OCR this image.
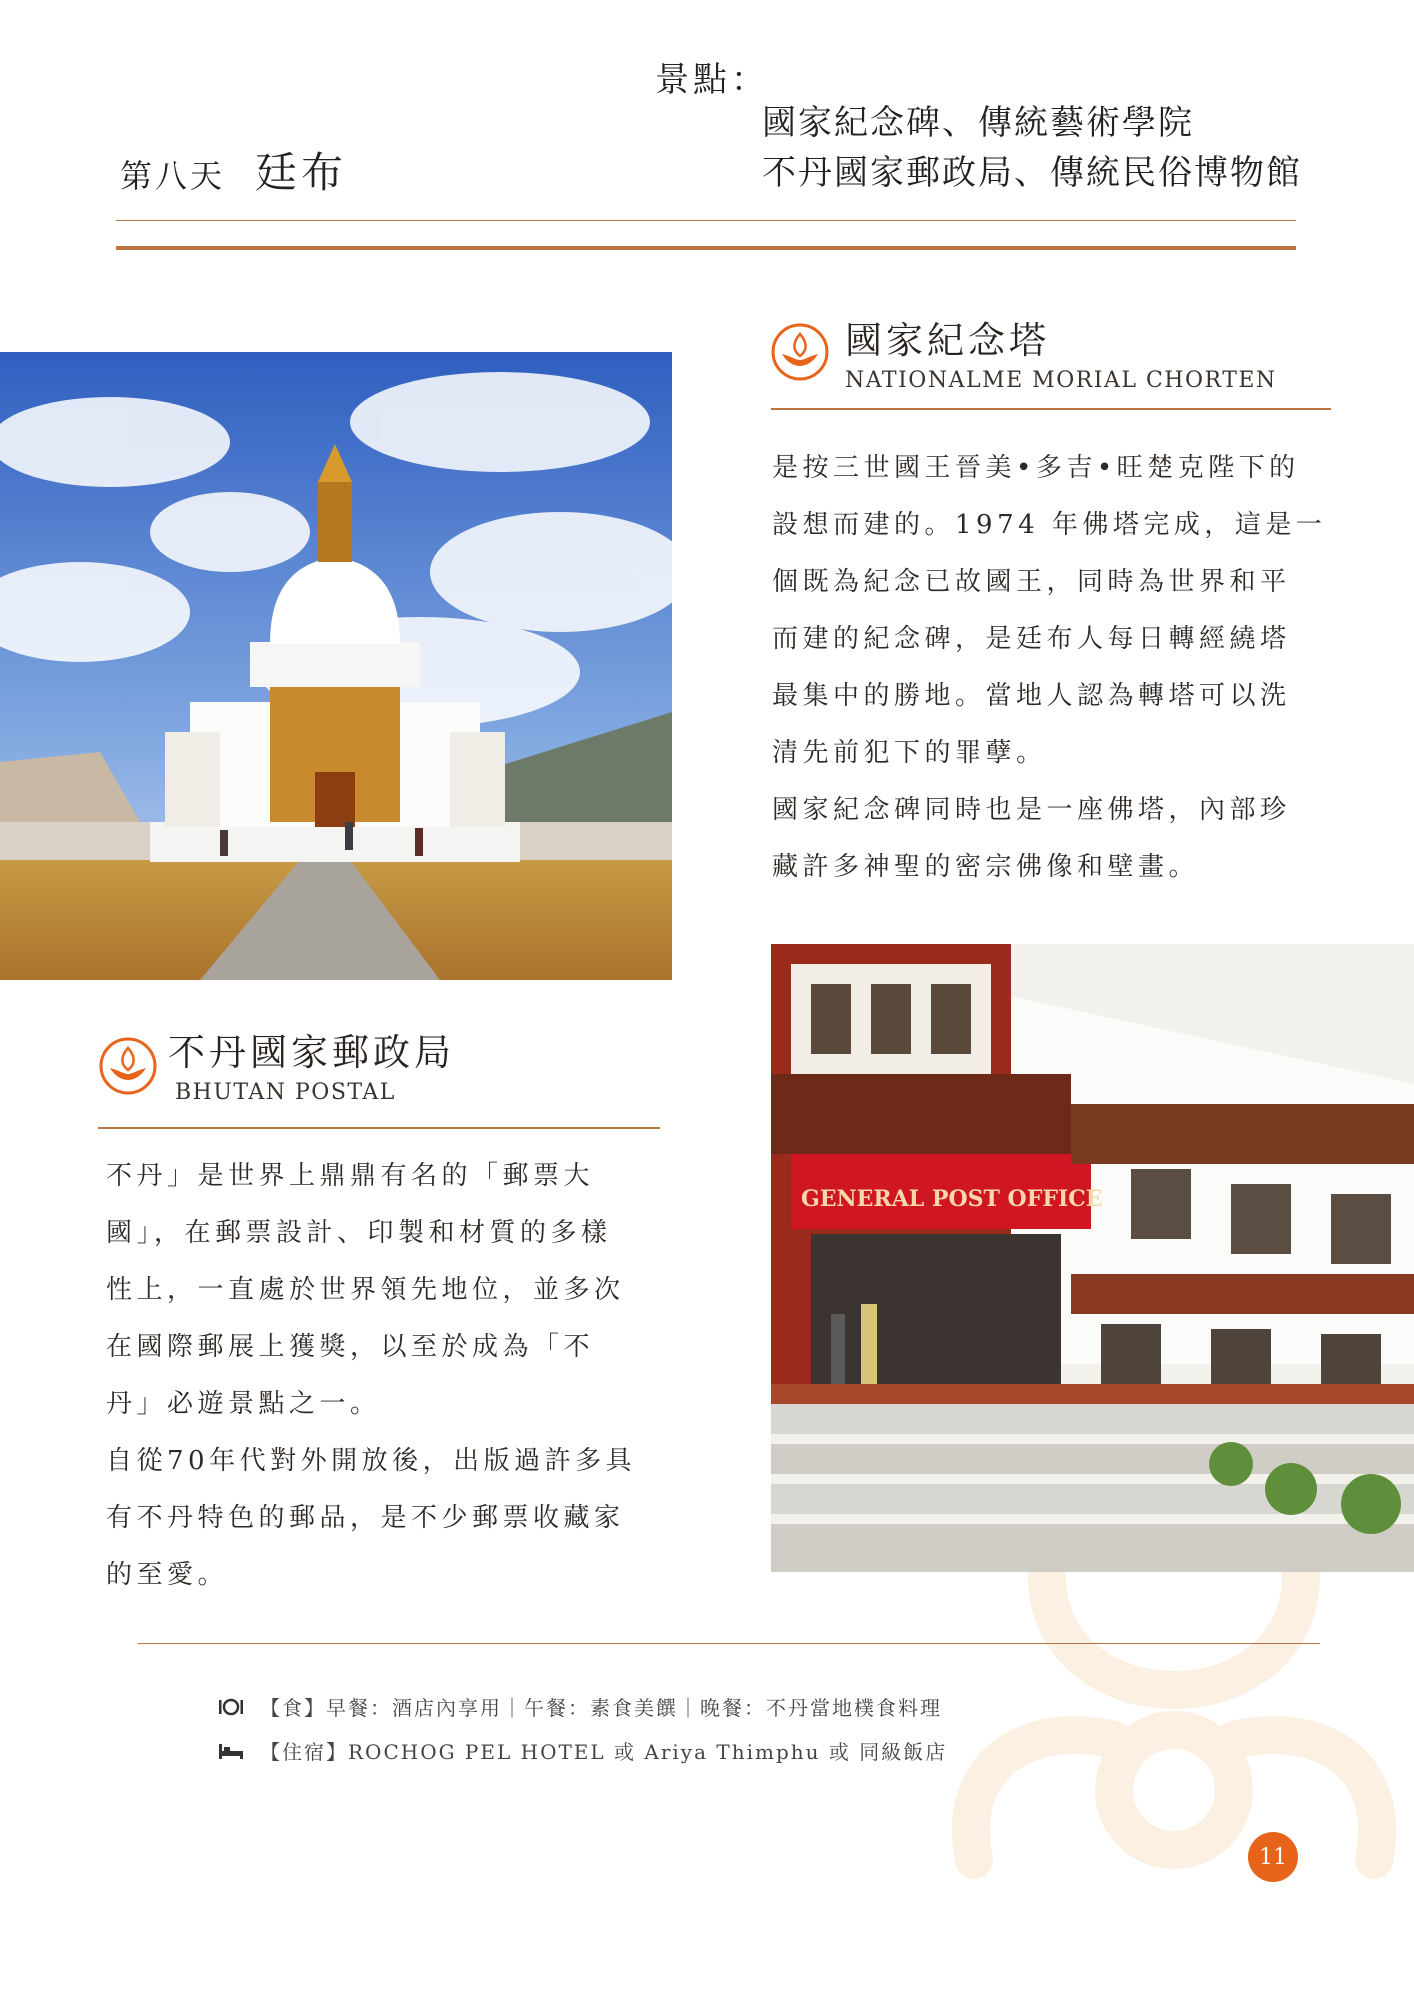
景點：
國家紀念碑、傳統藝術學院
不丹國家郵政局、傳統民俗博物館
第八天 廷布
GENERAL POST OFFICE
國家紀念塔
NATIONALME MORIAL CHORTEN

是按三世國王晉美•多吉•旺楚克陛下的

設想而建的。1974 年佛塔完成，這是一

個既為紀念已故國王，同時為世界和平

而建的紀念碑，是廷布人每日轉經繞塔

最集中的勝地。當地人認為轉塔可以洗

清先前犯下的罪孽。

國家紀念碑同時也是一座佛塔，內部珍

藏許多神聖的密宗佛像和壁畫。

不丹國家郵政局
BHUTAN POSTAL

不丹」是世界上鼎鼎有名的「郵票大

國」，在郵票設計、印製和材質的多樣

性上，一直處於世界領先地位，並多次

在國際郵展上獲獎，以至於成為「不

丹」必遊景點之一。

自從70年代對外開放後，出版過許多具

有不丹特色的郵品，是不少郵票收藏家

的至愛。

【食】早餐：酒店內享用｜午餐：素食美饌｜晚餐：不丹當地樸食料理
【住宿】ROCHOG PEL HOTEL 或 Ariya Thimphu 或 同級飯店
11
